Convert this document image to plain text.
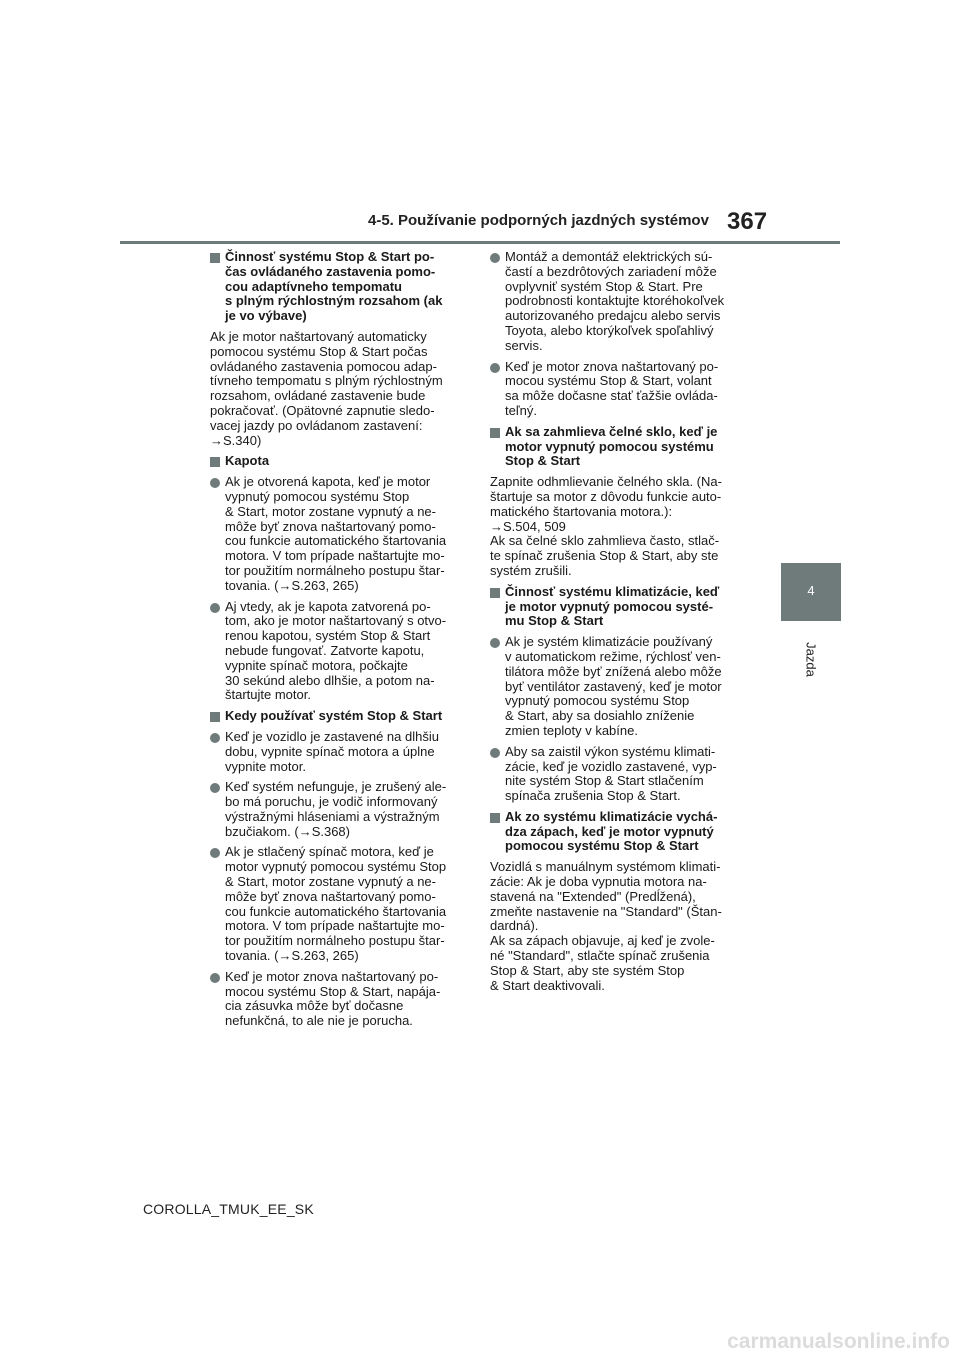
4-5. Používanie podporných jazdných systémov 367
4
Jazda
Činnosť systému Stop & Start po-
čas ovládaného zastavenia pomo-
cou adaptívneho tempomatu
s plným rýchlostným rozsahom (ak
je vo výbave)
Ak je motor naštartovaný automaticky
pomocou systému Stop & Start počas
ovládaného zastavenia pomocou adap-
tívneho tempomatu s plným rýchlostným
rozsahom, ovládané zastavenie bude
pokračovať. (Opätovné zapnutie sledo-
vacej jazdy po ovládanom zastavení:
→S.340)
Kapota
Ak je otvorená kapota, keď je motor
vypnutý pomocou systému Stop
& Start, motor zostane vypnutý a ne-
môže byť znova naštartovaný pomo-
cou funkcie automatického štartovania
motora. V tom prípade naštartujte mo-
tor použitím normálneho postupu štar-
tovania. (→S.263, 265)
Aj vtedy, ak je kapota zatvorená po-
tom, ako je motor naštartovaný s otvo-
renou kapotou, systém Stop & Start
nebude fungovať. Zatvorte kapotu,
vypnite spínač motora, počkajte
30 sekúnd alebo dlhšie, a potom na-
štartujte motor.
Kedy používať systém Stop & Start
Keď je vozidlo je zastavené na dlhšiu
dobu, vypnite spínač motora a úplne
vypnite motor.
Keď systém nefunguje, je zrušený ale-
bo má poruchu, je vodič informovaný
výstražnými hláseniami a výstražným
bzučiakom. (→S.368)
Ak je stlačený spínač motora, keď je
motor vypnutý pomocou systému Stop
& Start, motor zostane vypnutý a ne-
môže byť znova naštartovaný pomo-
cou funkcie automatického štartovania
motora. V tom prípade naštartujte mo-
tor použitím normálneho postupu štar-
tovania. (→S.263, 265)
Keď je motor znova naštartovaný po-
mocou systému Stop & Start, napája-
cia zásuvka môže byť dočasne
nefunkčná, to ale nie je porucha.
Montáž a demontáž elektrických sú-
častí a bezdrôtových zariadení môže
ovplyvniť systém Stop & Start. Pre
podrobnosti kontaktujte ktoréhokoľvek
autorizovaného predajcu alebo servis
Toyota, alebo ktorýkoľvek spoľahlivý
servis.
Keď je motor znova naštartovaný po-
mocou systému Stop & Start, volant
sa môže dočasne stať ťažšie ovláda-
teľný.
Ak sa zahmlieva čelné sklo, keď je
motor vypnutý pomocou systému
Stop & Start
Zapnite odhmlievanie čelného skla. (Na-
štartuje sa motor z dôvodu funkcie auto-
matického štartovania motora.):
→S.504, 509
Ak sa čelné sklo zahmlieva často, stlač-
te spínač zrušenia Stop & Start, aby ste
systém zrušili.
Činnosť systému klimatizácie, keď
je motor vypnutý pomocou systé-
mu Stop & Start
Ak je systém klimatizácie používaný
v automatickom režime, rýchlosť ven-
tilátora môže byť znížená alebo môže
byť ventilátor zastavený, keď je motor
vypnutý pomocou systému Stop
& Start, aby sa dosiahlo zníženie
zmien teploty v kabíne.
Aby sa zaistil výkon systému klimati-
zácie, keď je vozidlo zastavené, vyp-
nite systém Stop & Start stlačením
spínača zrušenia Stop & Start.
Ak zo systému klimatizácie vychá-
dza zápach, keď je motor vypnutý
pomocou systému Stop & Start
Vozidlá s manuálnym systémom klimati-
zácie: Ak je doba vypnutia motora na-
stavená na "Extended" (Predĺžená),
zmeňte nastavenie na "Standard" (Štan-
dardná).
Ak sa zápach objavuje, aj keď je zvole-
né "Standard", stlačte spínač zrušenia
Stop & Start, aby ste systém Stop
& Start deaktivovali.
COROLLA_TMUK_EE_SK
carmanualsonline.info
